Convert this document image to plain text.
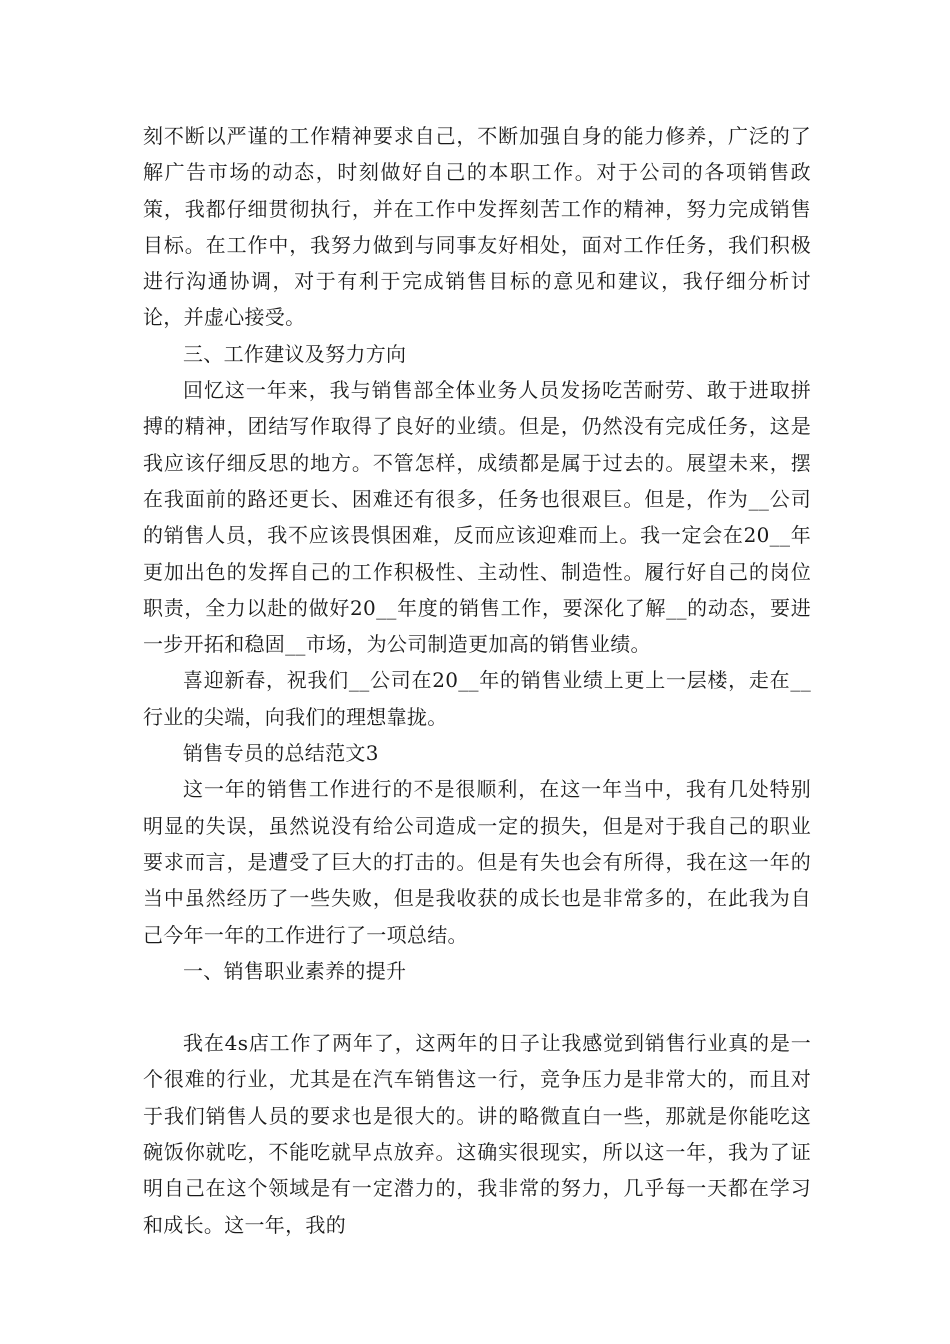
刻不断以严谨的工作精神要求自己，不断加强自身的能力修养，广泛的了解广告市场的动态，时刻做好自己的本职工作。对于公司的各项销售政策，我都仔细贯彻执行，并在工作中发挥刻苦工作的精神，努力完成销售目标。在工作中，我努力做到与同事友好相处，面对工作任务，我们积极进行沟通协调，对于有利于完成销售目标的意见和建议，我仔细分析讨论，并虚心接受。

三、工作建议及努力方向

回忆这一年来，我与销售部全体业务人员发扬吃苦耐劳、敢于进取拼搏的精神，团结写作取得了良好的业绩。但是，仍然没有完成任务，这是我应该仔细反思的地方。不管怎样，成绩都是属于过去的。展望未来，摆在我面前的路还更长、困难还有很多，任务也很艰巨。但是，作为__公司的销售人员，我不应该畏惧困难，反而应该迎难而上。我一定会在20__年更加出色的发挥自己的工作积极性、主动性、制造性。履行好自己的岗位职责，全力以赴的做好20__年度的销售工作，要深化了解__的动态，要进一步开拓和稳固__市场，为公司制造更加高的销售业绩。

喜迎新春，祝我们__公司在20__年的销售业绩上更上一层楼，走在__行业的尖端，向我们的理想靠拢。

销售专员的总结范文3

这一年的销售工作进行的不是很顺利，在这一年当中，我有几处特别明显的失误，虽然说没有给公司造成一定的损失，但是对于我自己的职业要求而言，是遭受了巨大的打击的。但是有失也会有所得，我在这一年的当中虽然经历了一些失败，但是我收获的成长也是非常多的，在此我为自己今年一年的工作进行了一项总结。

一、销售职业素养的提升

我在4s店工作了两年了，这两年的日子让我感觉到销售行业真的是一个很难的行业，尤其是在汽车销售这一行，竞争压力是非常大的，而且对于我们销售人员的要求也是很大的。讲的略微直白一些，那就是你能吃这碗饭你就吃，不能吃就早点放弃。这确实很现实，所以这一年，我为了证明自己在这个领域是有一定潜力的，我非常的努力，几乎每一天都在学习和成长。这一年，我的
